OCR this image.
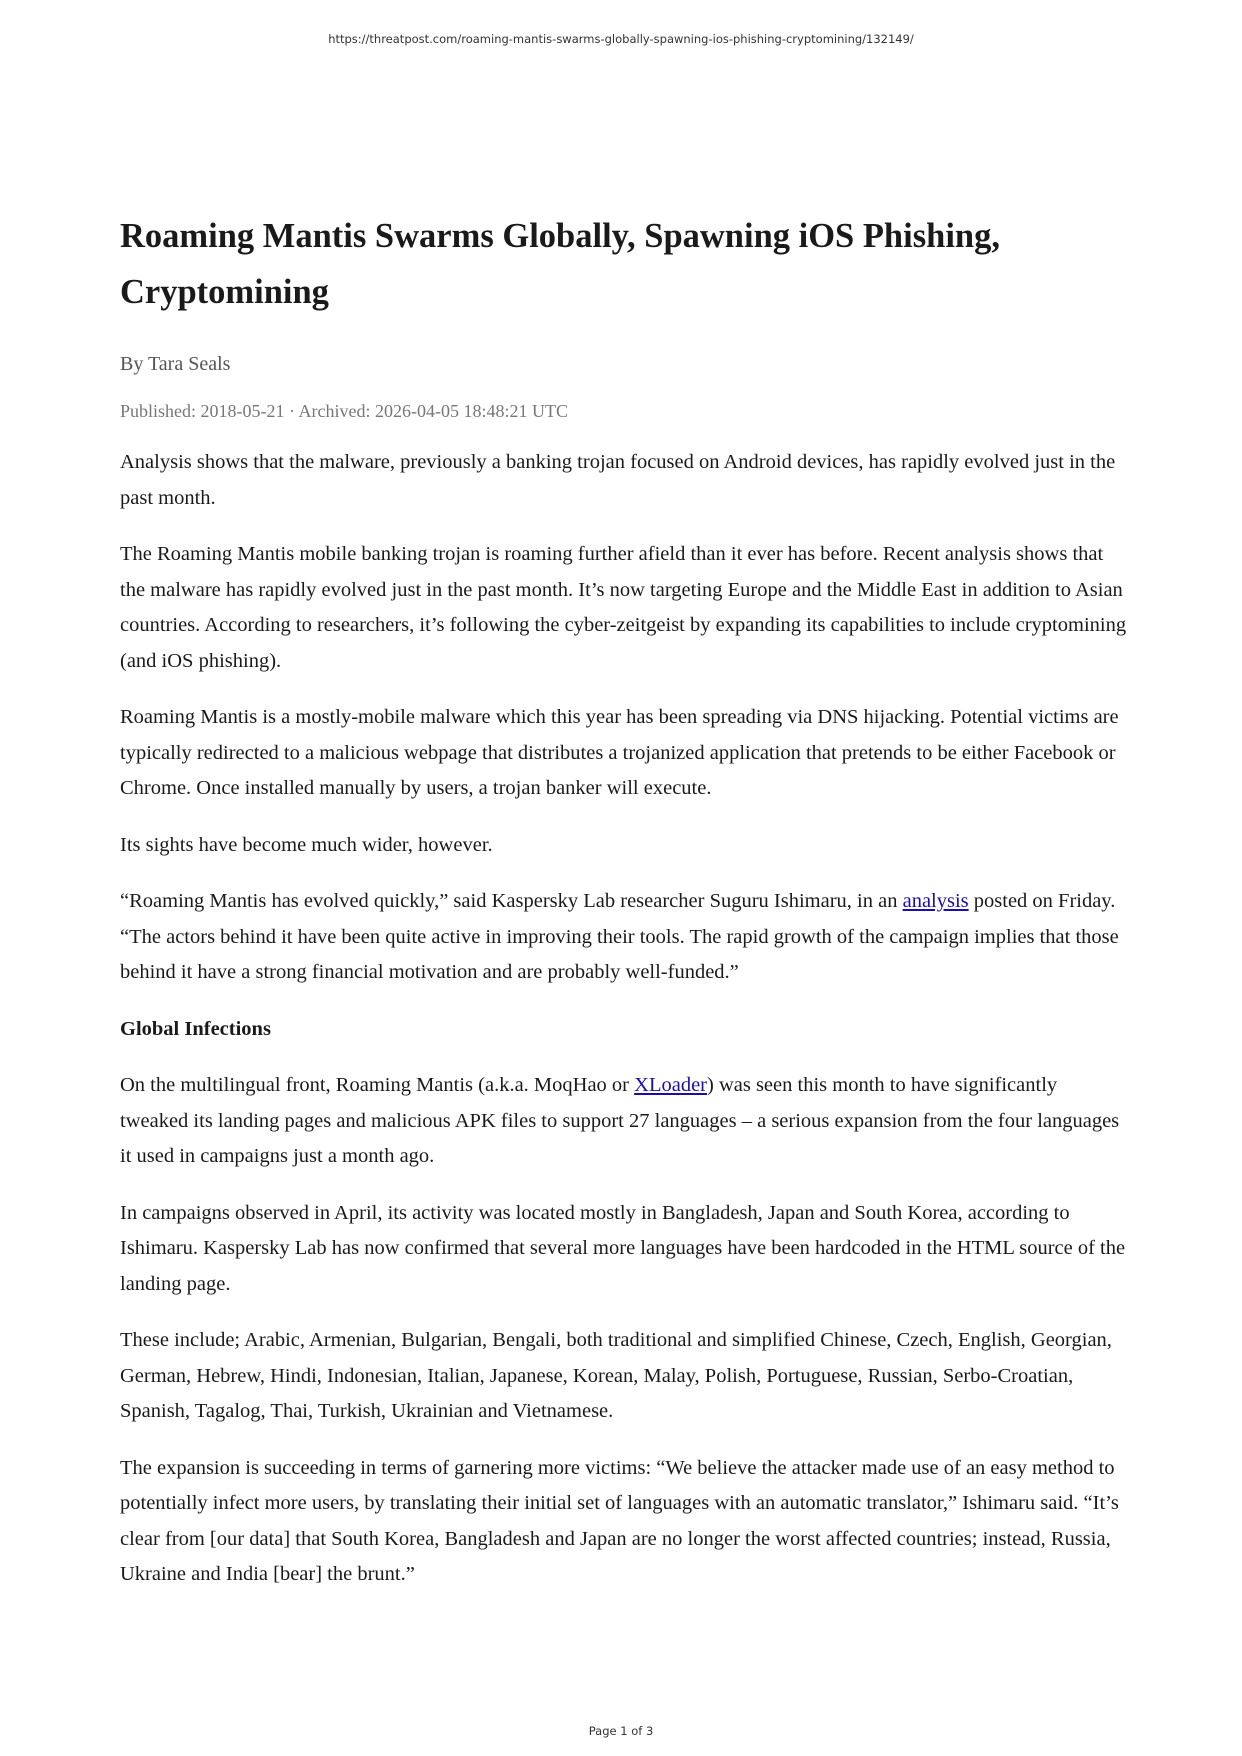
https://threatpost.com/roaming-mantis-swarms-globally-spawning-ios-phishing-cryptomining/132149/
Roaming Mantis Swarms Globally, Spawning iOS Phishing, Cryptomining
By Tara Seals
Published: 2018-05-21 · Archived: 2026-04-05 18:48:21 UTC

Analysis shows that the malware, previously a banking trojan focused on Android devices, has rapidly evolved just in the past month.

The Roaming Mantis mobile banking trojan is roaming further afield than it ever has before. Recent analysis shows that the malware has rapidly evolved just in the past month. It’s now targeting Europe and the Middle East in addition to Asian countries. According to researchers, it’s following the cyber-zeitgeist by expanding its capabilities to include cryptomining (and iOS phishing).

Roaming Mantis is a mostly-mobile malware which this year has been spreading via DNS hijacking. Potential victims are typically redirected to a malicious webpage that distributes a trojanized application that pretends to be either Facebook or Chrome. Once installed manually by users, a trojan banker will execute.

Its sights have become much wider, however.

“Roaming Mantis has evolved quickly,” said Kaspersky Lab researcher Suguru Ishimaru, in an analysis posted on Friday. “The actors behind it have been quite active in improving their tools. The rapid growth of the campaign implies that those behind it have a strong financial motivation and are probably well-funded.”

Global Infections

On the multilingual front, Roaming Mantis (a.k.a. MoqHao or XLoader) was seen this month to have significantly tweaked its landing pages and malicious APK files to support 27 languages – a serious expansion from the four languages it used in campaigns just a month ago.

In campaigns observed in April, its activity was located mostly in Bangladesh, Japan and South Korea, according to Ishimaru. Kaspersky Lab has now confirmed that several more languages have been hardcoded in the HTML source of the landing page.

These include; Arabic, Armenian, Bulgarian, Bengali, both traditional and simplified Chinese, Czech, English, Georgian, German, Hebrew, Hindi, Indonesian, Italian, Japanese, Korean, Malay, Polish, Portuguese, Russian, Serbo-Croatian, Spanish, Tagalog, Thai, Turkish, Ukrainian and Vietnamese.

The expansion is succeeding in terms of garnering more victims: “We believe the attacker made use of an easy method to potentially infect more users, by translating their initial set of languages with an automatic translator,” Ishimaru said. “It’s clear from [our data] that South Korea, Bangladesh and Japan are no longer the worst affected countries; instead, Russia, Ukraine and India [bear] the brunt.”

Page 1 of 3
